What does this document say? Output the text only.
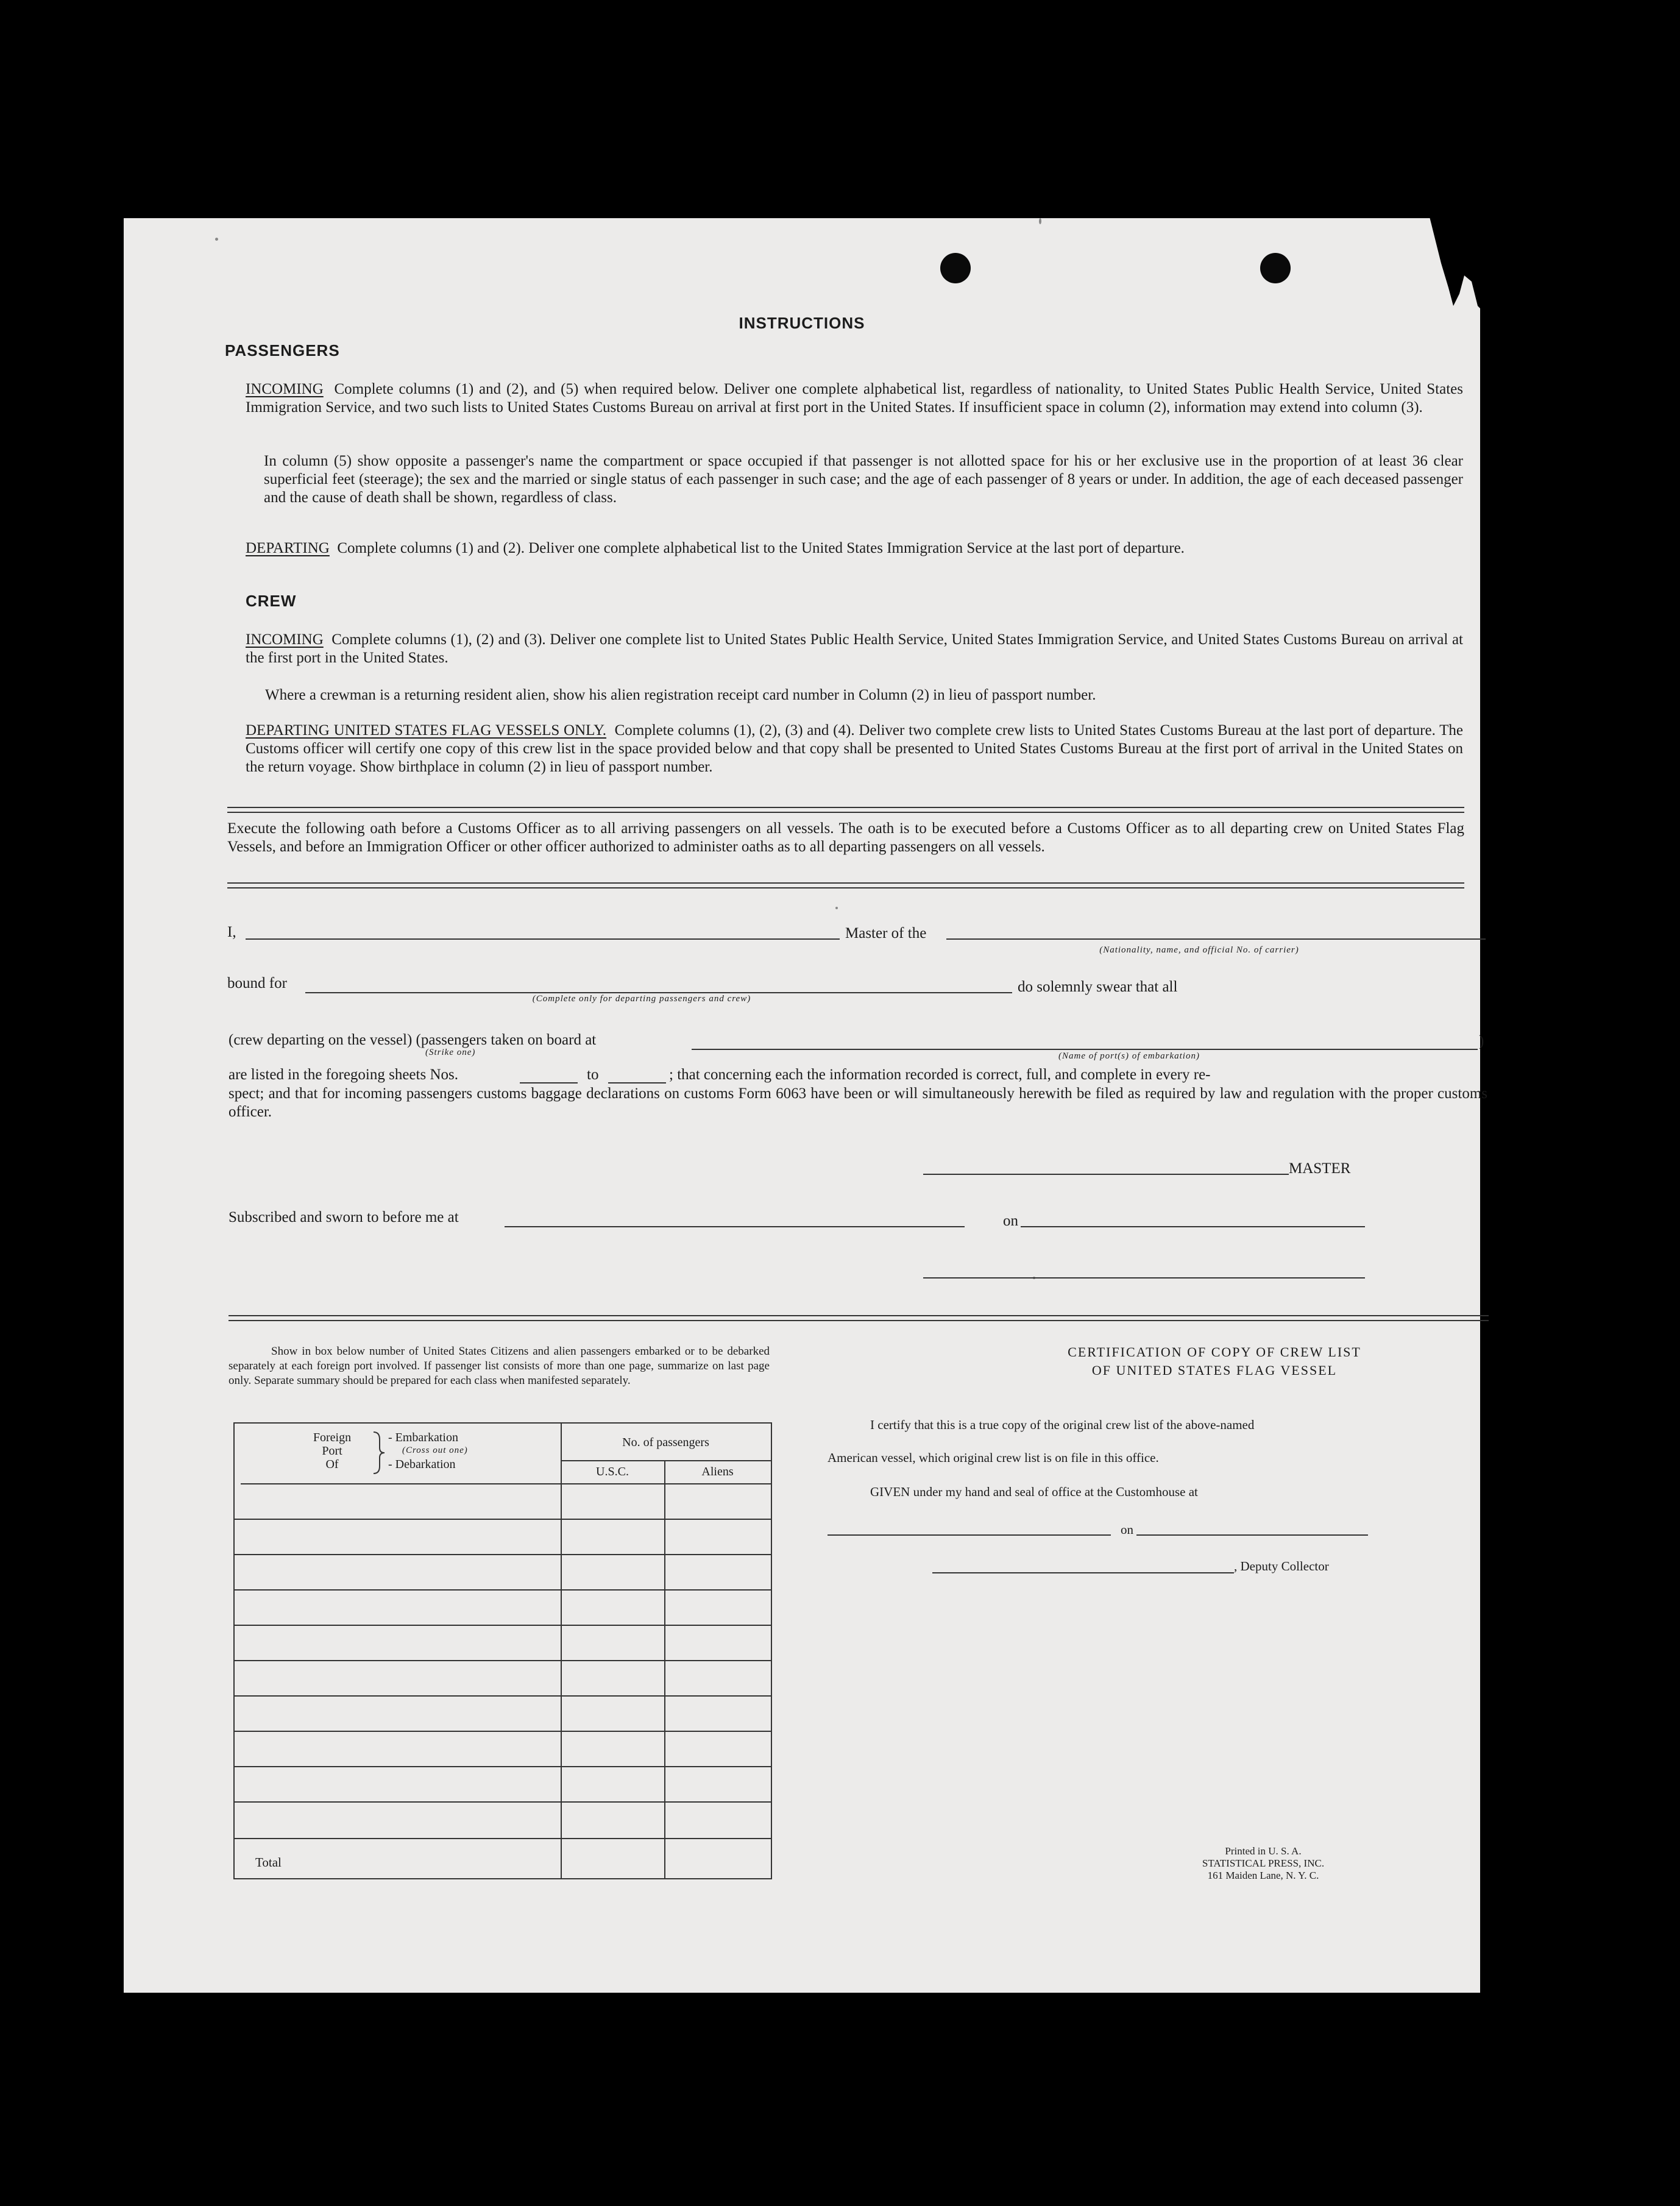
INSTRUCTIONS
PASSENGERS

INCOMING Complete columns (1) and (2), and (5) when required below. Deliver one complete alphabetical list, regardless of nationality, to United States Public Health Service, United States Immigration Service, and two such lists to United States Customs Bureau on arrival at first port in the United States. If insufficient space in column (2), information may extend into column (3).

In column (5) show opposite a passenger's name the compartment or space occupied if that passenger is not allotted space for his or her exclusive use in the proportion of at least 36 clear superficial feet (steerage); the sex and the married or single status of each passenger in such case; and the age of each passenger of 8 years or under. In addition, the age of each deceased passenger and the cause of death shall be shown, regardless of class.

DEPARTING Complete columns (1) and (2). Deliver one complete alphabetical list to the United States Immigration Service at the last port of departure.

CREW

INCOMING Complete columns (1), (2) and (3). Deliver one complete list to United States Public Health Service, United States Immigration Service, and United States Customs Bureau on arrival at the first port in the United States.

Where a crewman is a returning resident alien, show his alien registration receipt card number in Column (2) in lieu of passport number.

DEPARTING UNITED STATES FLAG VESSELS ONLY. Complete columns (1), (2), (3) and (4). Deliver two complete crew lists to United States Customs Bureau at the last port of departure. The Customs officer will certify one copy of this crew list in the space provided below and that copy shall be presented to United States Customs Bureau at the first port of arrival in the United States on the return voyage. Show birthplace in column (2) in lieu of passport number.

Execute the following oath before a Customs Officer as to all arriving passengers on all vessels. The oath is to be executed before a Customs Officer as to all departing crew on United States Flag Vessels, and before an Immigration Officer or other officer authorized to administer oaths as to all departing passengers on all vessels.

I,	Master of the
(Nationality, name, and official No. of carrier)
bound for
(Complete only for departing passengers and crew)
do solemnly swear that all
(crew departing on the vessel) (passengers taken on board at
(Strike one)
)
(Name of port(s) of embarkation)
are listed in the foregoing sheets Nos.	to	; that concerning each the information recorded is correct, full, and complete in every re-

spect; and that for incoming passengers customs baggage declarations on customs Form 6063 have been or will simultaneously herewith be filed as required by law and regulation with the proper customs officer.

MASTER
Subscribed and sworn to before me at	on

Show in box below number of United States Citizens and alien passengers embarked or to be debarked separately at each foreign port involved. If passenger list consists of more than one page, summarize on last page only. Separate summary should be prepared for each class when manifested separately.

Foreign
Port
Of
- Embarkation
(Cross out one)
- Debarkation
No. of passengers
U.S.C.	Aliens
Total
CERTIFICATION OF COPY OF CREW LIST
OF UNITED STATES FLAG VESSEL
I certify that this is a true copy of the original crew list of the above-named
American vessel, which original crew list is on file in this office.
GIVEN under my hand and seal of office at the Customhouse at
on
, Deputy Collector
Printed in U. S. A.
STATISTICAL PRESS, INC.
161 Maiden Lane, N. Y. C.
